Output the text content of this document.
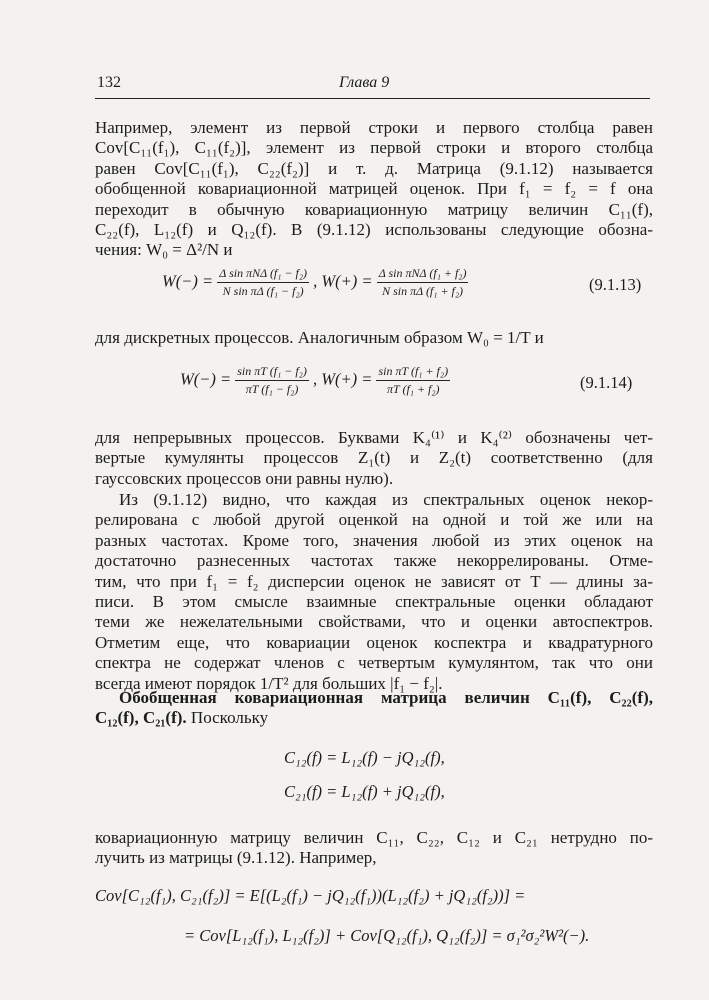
132	Глава 9
Например, элемент из первой строки и первого столбца равен
Cov[C₁₁(f₁), C₁₁(f₂)], элемент из первой строки и второго столбца
равен Cov[C₁₁(f₁), C₂₂(f₂)] и т. д. Матрица (9.1.12) называется
обобщенной ковариационной матрицей оценок. При f₁ = f₂ = f она
переходит в обычную ковариационную матрицу величин C₁₁(f),
C₂₂(f), L₁₂(f) и Q₁₂(f). В (9.1.12) использованы следующие обозна-
чения: W₀ = Δ²/N и
$W(-) = \frac{\text{Δ sin πNΔ (f₁ − f₂)}}{\text{N sin πΔ (f₁ − f₂)}}$ , $W(+) = \frac{\text{Δ sin πNΔ (f₁ + f₂)}}{\text{N sin πΔ (f₁ + f₂)}}$	(9.1.13)
для дискретных процессов. Аналогичным образом W₀ = 1/T и
$W(-) = \frac{\text{sin πT (f₁ − f₂)}}{\text{πT (f₁ − f₂)}}$ , $W(+) = \frac{\text{sin πT (f₁ + f₂)}}{\text{πT (f₁ + f₂)}}$	(9.1.14)
для непрерывных процессов. Буквами K₄⁽¹⁾ и K₄⁽²⁾ обозначены чет-
вертые кумулянты процессов Z₁(t) и Z₂(t) соответственно (для
гауссовских процессов они равны нулю).
Из (9.1.12) видно, что каждая из спектральных оценок некор-
релирована с любой другой оценкой на одной и той же или на
разных частотах. Кроме того, значения любой из этих оценок на
достаточно разнесенных частотах также некоррелированы. Отме-
тим, что при f₁ = f₂ дисперсии оценок не зависят от T — длины за-
писи. В этом смысле взаимные спектральные оценки обладают
теми же нежелательными свойствами, что и оценки автоспектров.
Отметим еще, что ковариации оценок коспектра и квадратурного
спектра не содержат членов с четвертым кумулянтом, так что они
всегда имеют порядок 1/T² для больших |f₁ − f₂|.
Обобщенная ковариационная матрица величин C₁₁(f), C₂₂(f),
C₁₂(f), C₂₁(f). Поскольку
C₁₂(f) = L₁₂(f) − jQ₁₂(f),
C₂₁(f) = L₁₂(f) + jQ₁₂(f),
ковариационную матрицу величин C₁₁, C₂₂, C₁₂ и C₂₁ нетрудно по-
лучить из матрицы (9.1.12). Например,
Cov[C₁₂(f₁), C₂₁(f₂)] = E[(L₂(f₁) − jQ₁₂(f₁))(L₁₂(f₂) + jQ₁₂(f₂))] =
= Cov[L₁₂(f₁), L₁₂(f₂)] + Cov[Q₁₂(f₁), Q₁₂(f₂)] = σ₁²σ₂²W²(−).
